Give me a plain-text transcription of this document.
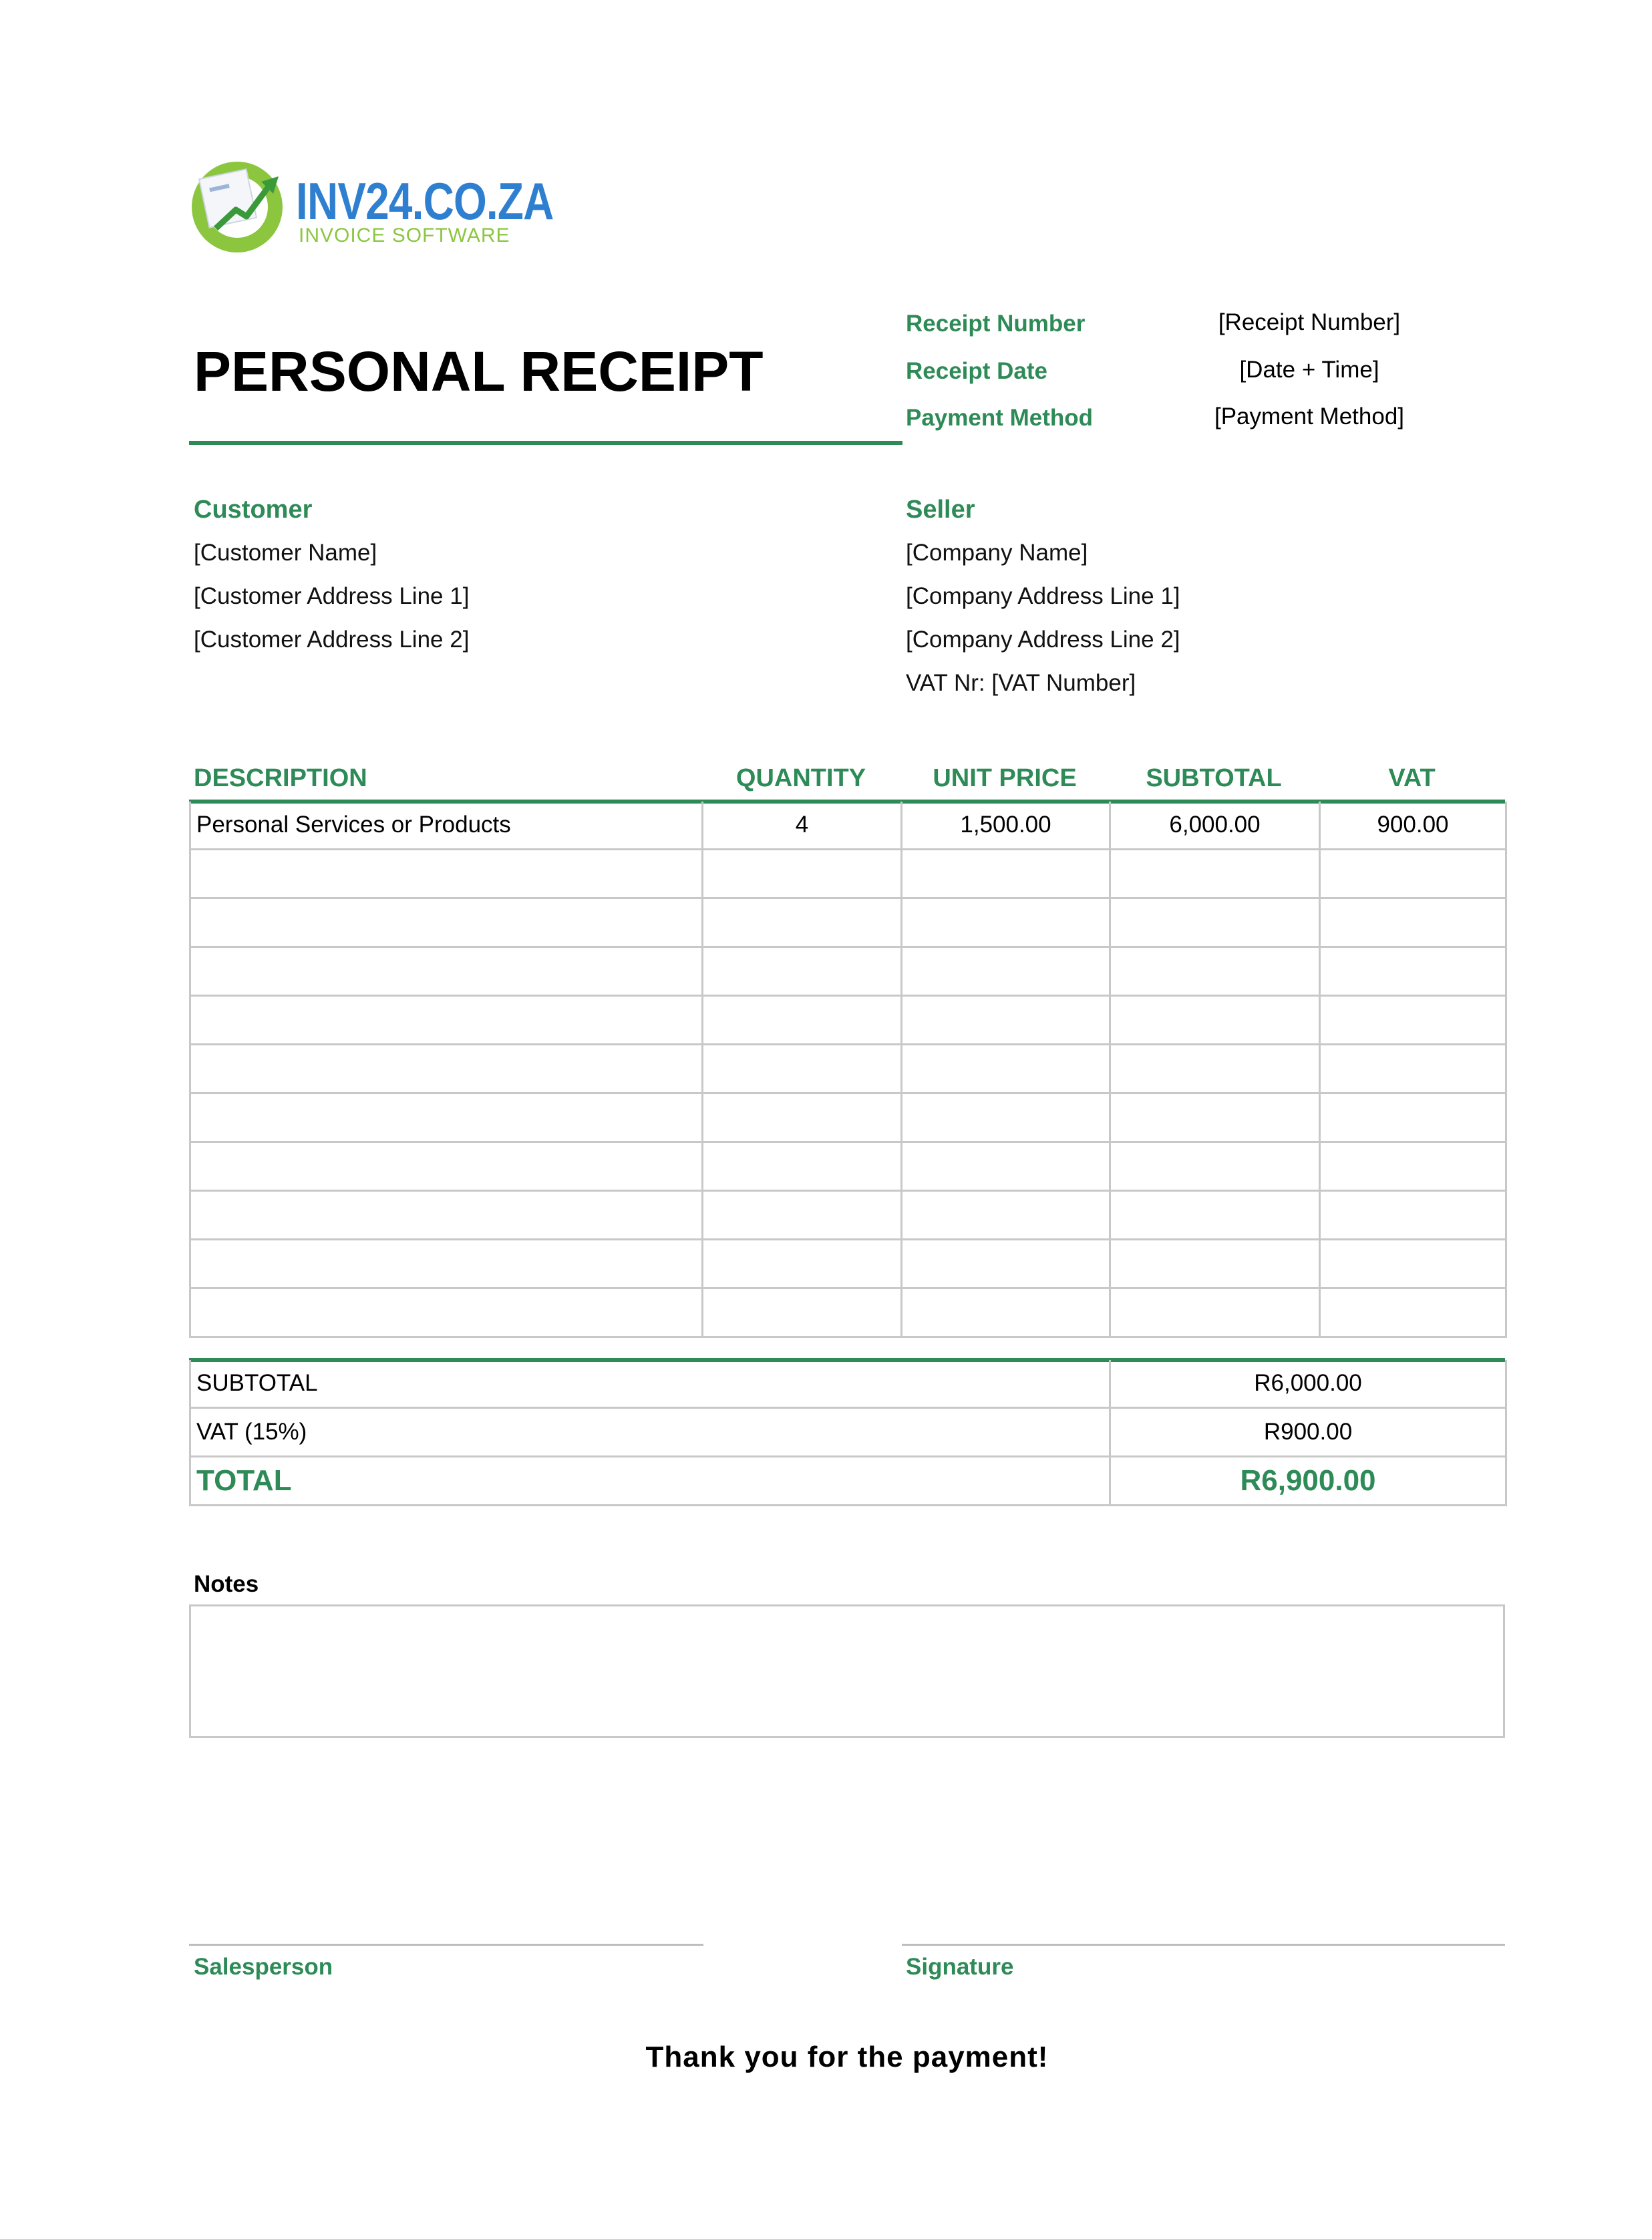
INV24.CO.ZA
INVOICE SOFTWARE
PERSONAL RECEIPT
Receipt Number	[Receipt Number]
Receipt Date	[Date + Time]
Payment Method	[Payment Method]
Customer
[Customer Name]
[Customer Address Line 1]
[Customer Address Line 2]
Seller
[Company Name]
[Company Address Line 1]
[Company Address Line 2]
VAT Nr: [VAT Number]
DESCRIPTION	QUANTITY	UNIT PRICE	SUBTOTAL	VAT
Personal Services or Products	4	1,500.00	6,000.00	900.00

SUBTOTAL	R6,000.00
VAT (15%)	R900.00
TOTAL	R6,900.00
Notes
Salesperson	Signature
Thank you for the payment!
